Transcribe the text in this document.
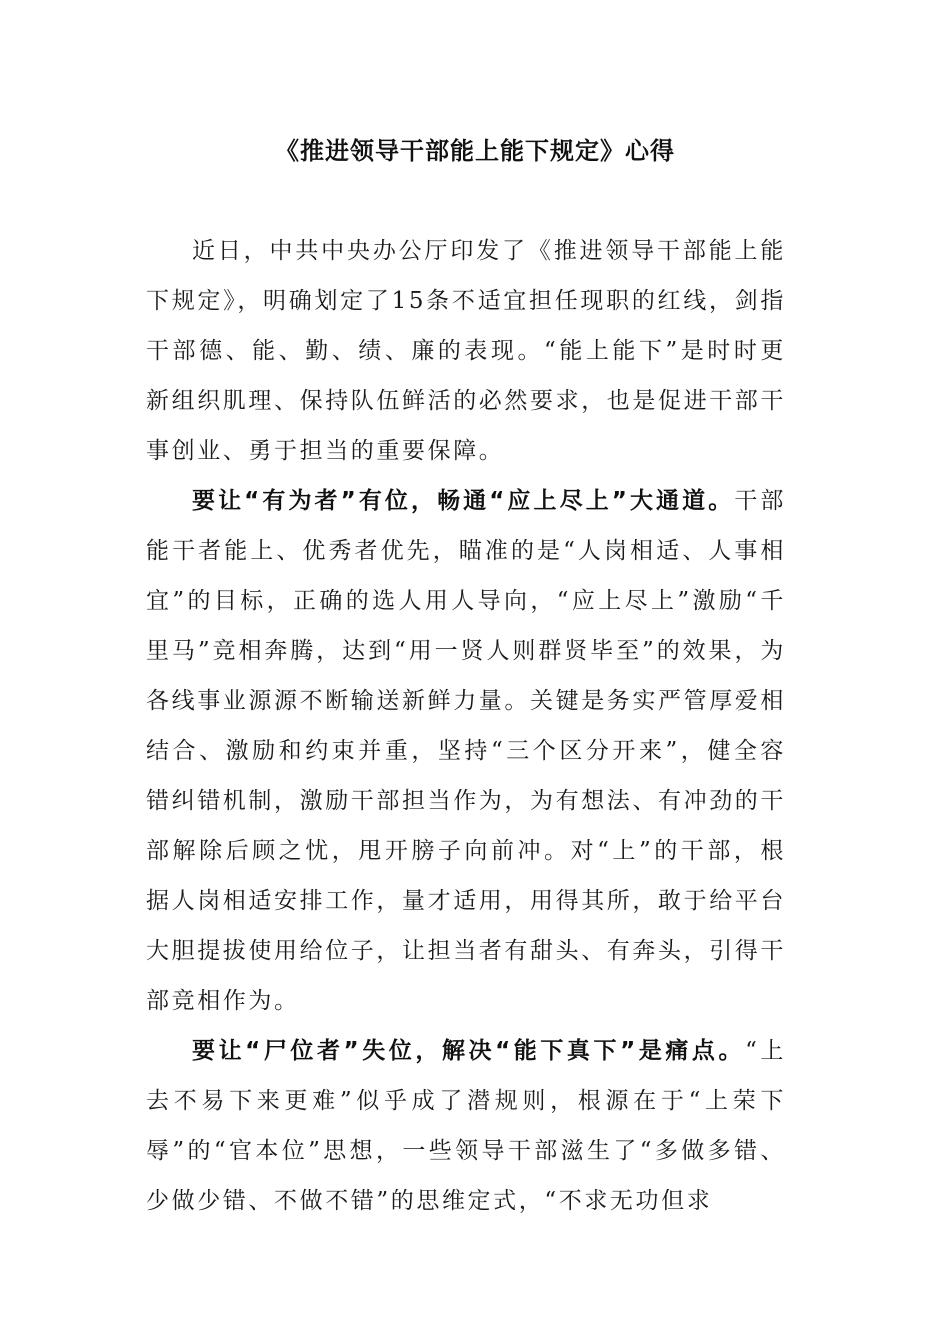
《推进领导干部能上能下规定》心得

近日，中共中央办公厅印发了《推进领导干部能上能下规定》，明确划定了15条不适宜担任现职的红线，剑指干部德、能、勤、绩、廉的表现。“能上能下”是时时更新组织肌理、保持队伍鲜活的必然要求，也是促进干部干事创业、勇于担当的重要保障。

要让“有为者”有位，畅通“应上尽上”大通道。干部能干者能上、优秀者优先，瞄准的是“人岗相适、人事相宜”的目标，正确的选人用人导向，“应上尽上”激励“千里马”竞相奔腾，达到“用一贤人则群贤毕至”的效果，为各线事业源源不断输送新鲜力量。关键是务实严管厚爱相结合、激励和约束并重，坚持“三个区分开来”，健全容错纠错机制，激励干部担当作为，为有想法、有冲劲的干部解除后顾之忧，甩开膀子向前冲。对“上”的干部，根据人岗相适安排工作，量才适用，用得其所，敢于给平台大胆提拔使用给位子，让担当者有甜头、有奔头，引得干部竞相作为。

要让“尸位者”失位，解决“能下真下”是痛点。“上去不易下来更难”似乎成了潜规则，根源在于“上荣下辱”的“官本位”思想，一些领导干部滋生了“多做多错、少做少错、不做不错”的思维定式，“不求无功但求
